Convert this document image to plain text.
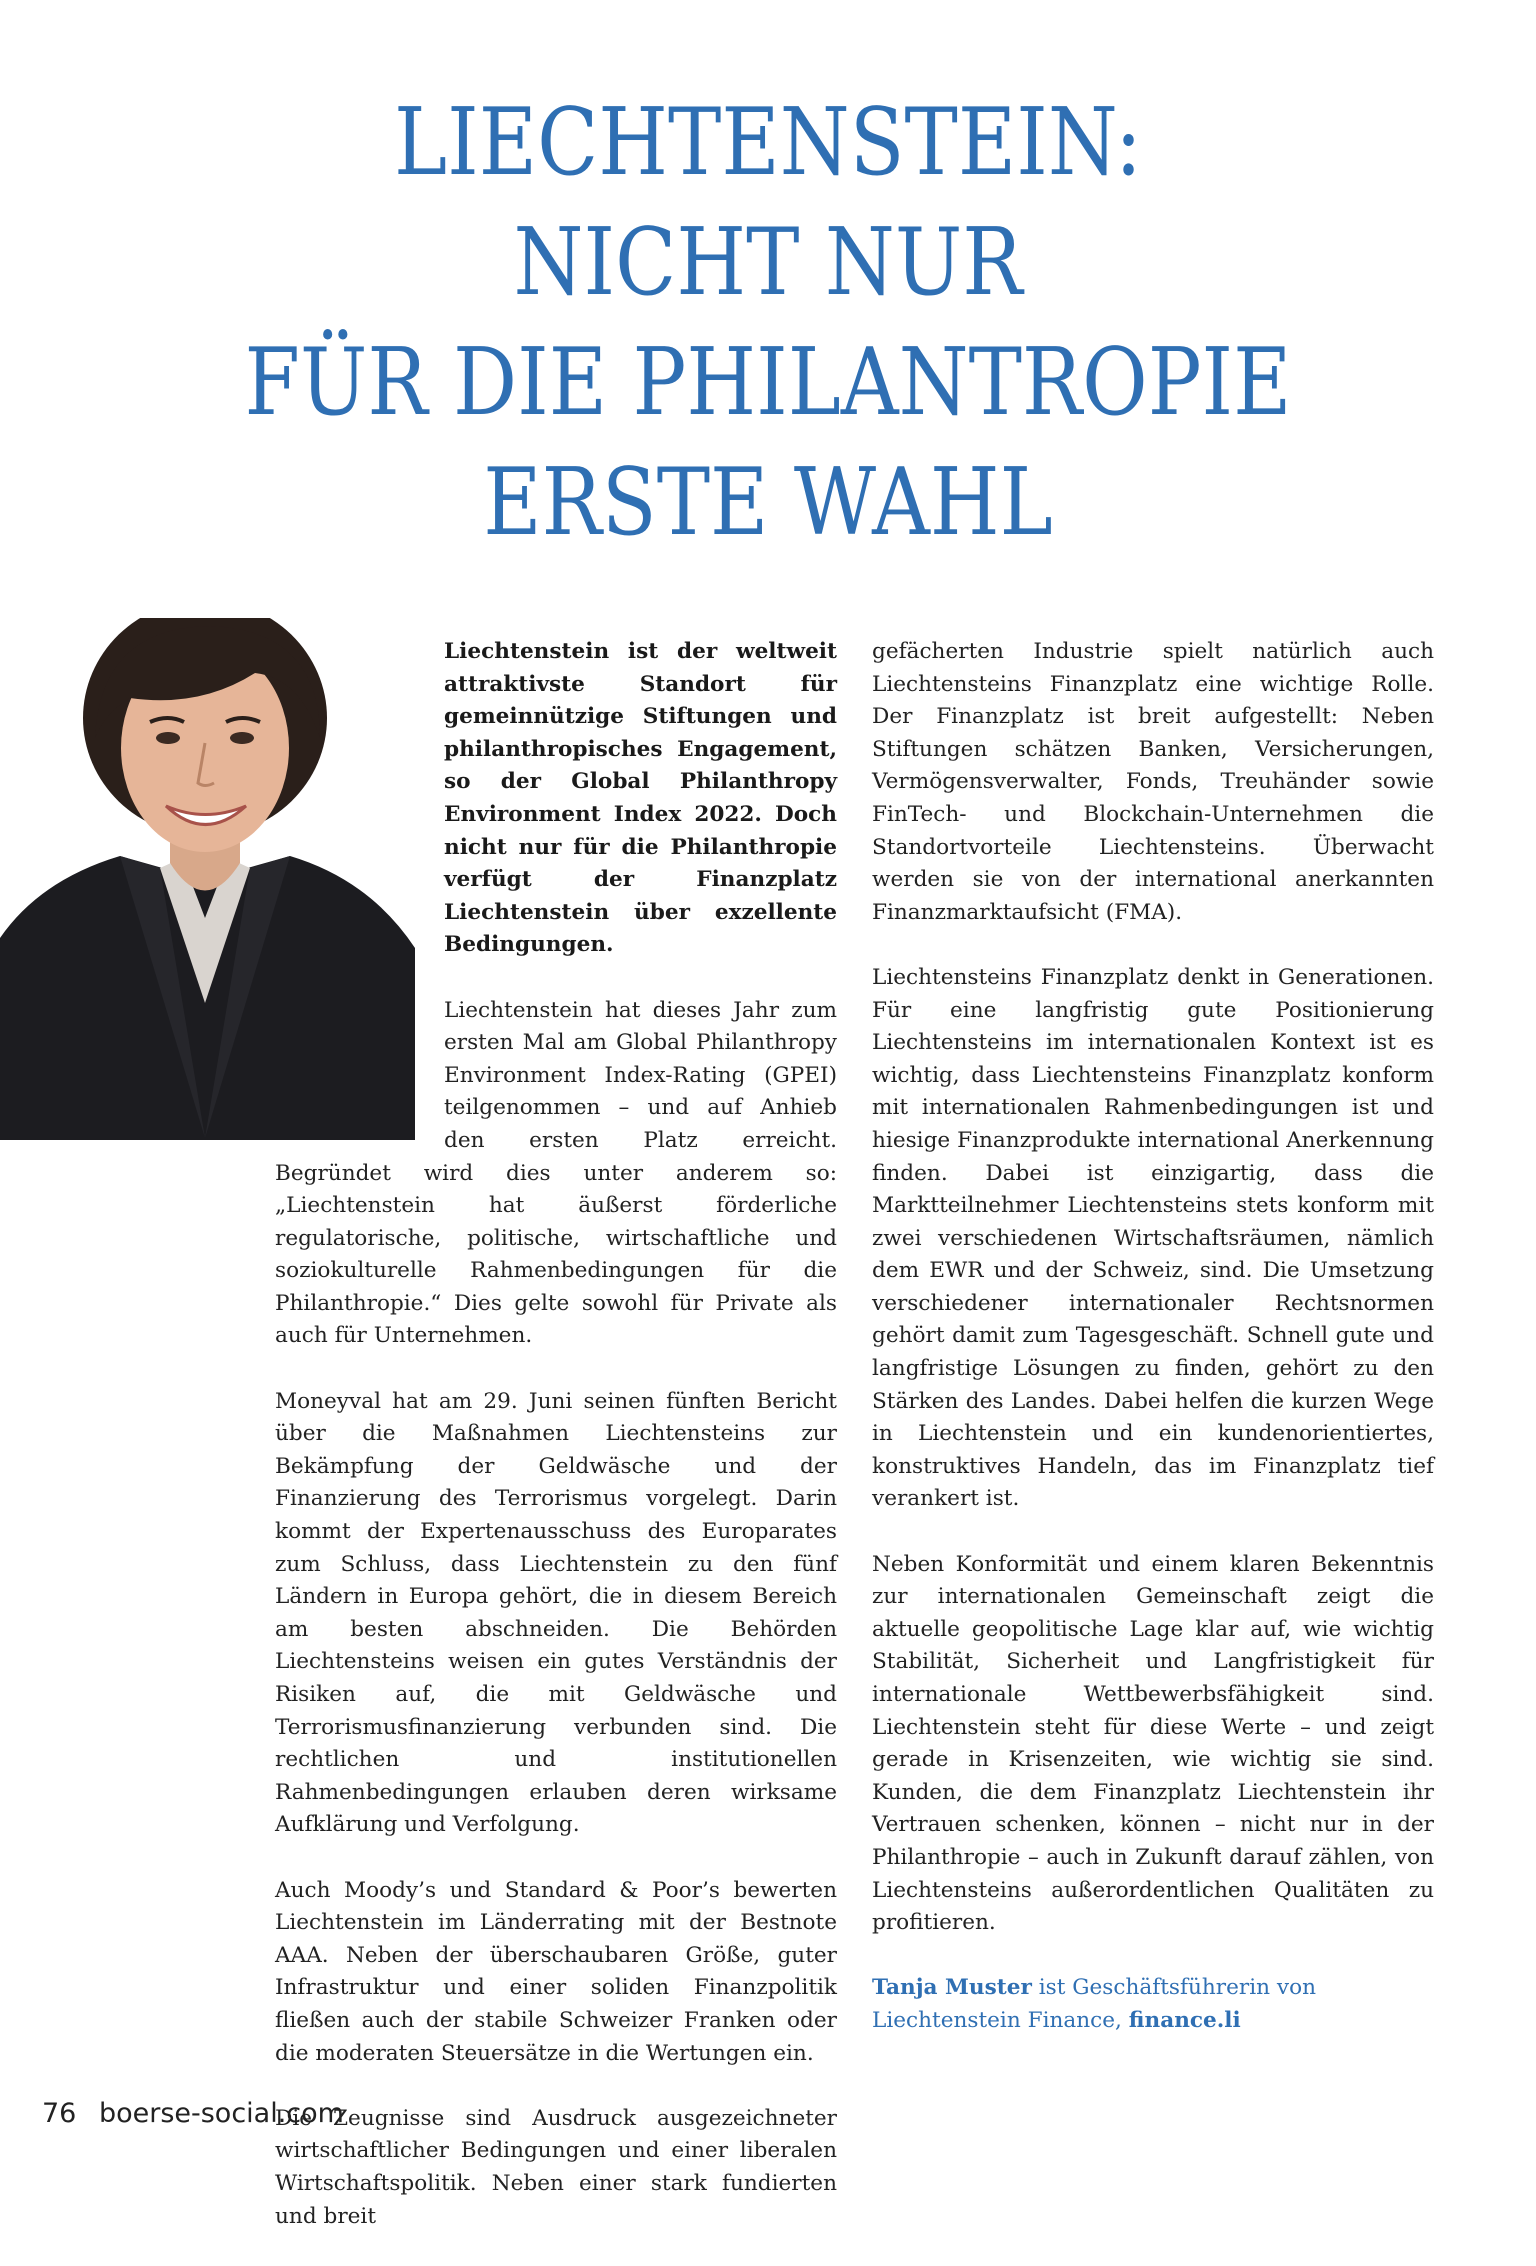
LIECHTENSTEIN:
NICHT NUR
FÜR DIE PHILANTROPIE
ERSTE WAHL

Liechtenstein ist der weltweit attraktivste Standort für gemeinnützige Stiftungen und philanthropisches Engagement, so der Global Philanthropy Environment Index 2022. Doch nicht nur für die Philanthropie verfügt der Finanzplatz Liechtenstein über exzellente Bedingungen.

Liechtenstein hat dieses Jahr zum ersten Mal am Global Philanthropy Environment Index-Rating (GPEI) teilgenommen – und auf Anhieb den ersten Platz erreicht. Begründet wird dies unter anderem so: „Liechtenstein hat äußerst förderliche regulatorische, politische, wirtschaftliche und soziokulturelle Rahmenbedingungen für die Philanthropie.“ Dies gelte sowohl für Private als auch für Unternehmen.

Moneyval hat am 29. Juni seinen fünften Bericht über die Maßnahmen Liechtensteins zur Bekämpfung der Geldwäsche und der Finanzierung des Terrorismus vorgelegt. Darin kommt der Expertenausschuss des Europarates zum Schluss, dass Liechtenstein zu den fünf Ländern in Europa gehört, die in diesem Bereich am besten abschneiden. Die Behörden Liechtensteins weisen ein gutes Verständnis der Risiken auf, die mit Geldwäsche und Terrorismusfinanzierung verbunden sind. Die rechtlichen und institutionellen Rahmenbedingungen erlauben deren wirksame Aufklärung und Verfolgung.

Auch Moody’s und Standard & Poor’s bewerten Liechtenstein im Länderrating mit der Bestnote AAA. Neben der überschaubaren Größe, guter Infrastruktur und einer soliden Finanzpolitik fließen auch der stabile Schweizer Franken oder die moderaten Steuersätze in die Wertungen ein.

Die Zeugnisse sind Ausdruck ausgezeichneter wirtschaftlicher Bedingungen und einer liberalen Wirtschaftspolitik. Neben einer stark fundierten und breit

gefächerten Industrie spielt natürlich auch Liechtensteins Finanzplatz eine wichtige Rolle. Der Finanzplatz ist breit aufgestellt: Neben Stiftungen schätzen Banken, Versicherungen, Vermögensverwalter, Fonds, Treuhänder sowie FinTech- und Blockchain-Unternehmen die Standortvorteile Liechtensteins. Überwacht werden sie von der international anerkannten Finanzmarktaufsicht (FMA).

Liechtensteins Finanzplatz denkt in Generationen. Für eine langfristig gute Positionierung Liechtensteins im internationalen Kontext ist es wichtig, dass Liechtensteins Finanzplatz konform mit internationalen Rahmenbedingungen ist und hiesige Finanzprodukte international Anerkennung finden. Dabei ist einzigartig, dass die Marktteilnehmer Liechtensteins stets konform mit zwei verschiedenen Wirtschaftsräumen, nämlich dem EWR und der Schweiz, sind. Die Umsetzung verschiedener internationaler Rechtsnormen gehört damit zum Tagesgeschäft. Schnell gute und langfristige Lösungen zu finden, gehört zu den Stärken des Landes. Dabei helfen die kurzen Wege in Liechtenstein und ein kundenorientiertes, konstruktives Handeln, das im Finanzplatz tief verankert ist.

Neben Konformität und einem klaren Bekenntnis zur internationalen Gemeinschaft zeigt die aktuelle geopolitische Lage klar auf, wie wichtig Stabilität, Sicherheit und Langfristigkeit für internationale Wettbewerbsfähigkeit sind. Liechtenstein steht für diese Werte – und zeigt gerade in Krisenzeiten, wie wichtig sie sind. Kunden, die dem Finanzplatz Liechtenstein ihr Vertrauen schenken, können – nicht nur in der Philanthropie – auch in Zukunft darauf zählen, von Liechtensteins außerordentlichen Qualitäten zu profitieren.

Tanja Muster ist Geschäftsführerin von Liechtenstein Finance, finance.li

76 boerse-social.com
